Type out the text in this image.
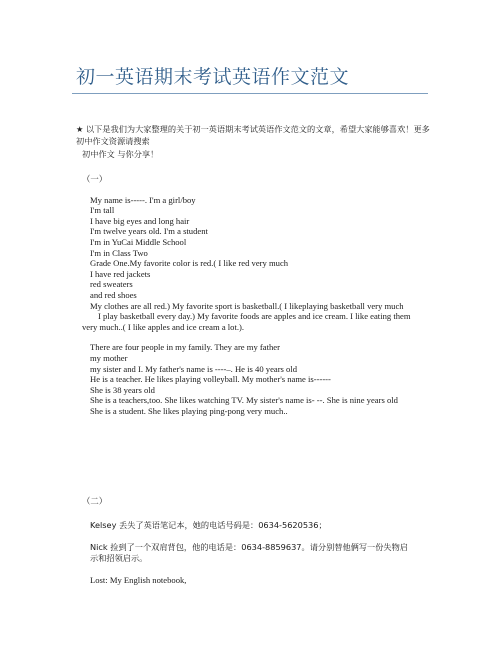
初一英语期末考试英语作文范文
★ 以下是我们为大家整理的关于初一英语期末考试英语作文范文的文章，希望大家能够喜欢！更多初中作文资源请搜索
初中作文 与你分享！
（一）
My name is-----. I'm a girl/boy
I'm tall
I have big eyes and long hair
I'm twelve years old. I'm a student
I'm in YuCai Middle School
I'm in Class Two
Grade One.My favorite color is red.( I like red very much
I have red jackets
red sweaters
and red shoes
My clothes are all red.) My favorite sport is basketball.( I likeplaying basketball very much
I play basketball every day.) My favorite foods are apples and ice cream. I like eating them
very much..( I like apples and ice cream a lot.).
There are four people in my family. They are my father
my mother
my sister and I. My father's name is ----–. He is 40 years old
He is a teacher. He likes playing volleyball. My mother's name is------
She is 38 years old
She is a teachers,too. She likes watching TV. My sister's name is- --. She is nine years old
She is a student. She likes playing ping-pong very much..
（二）
Kelsey 丢失了英语笔记本，她的电话号码是：0634-5620536；
Nick 捡到了一个双肩背包，他的电话是：0634-8859637。请分别替他俩写一份失物启
示和招领启示。
Lost: My English notebook,
